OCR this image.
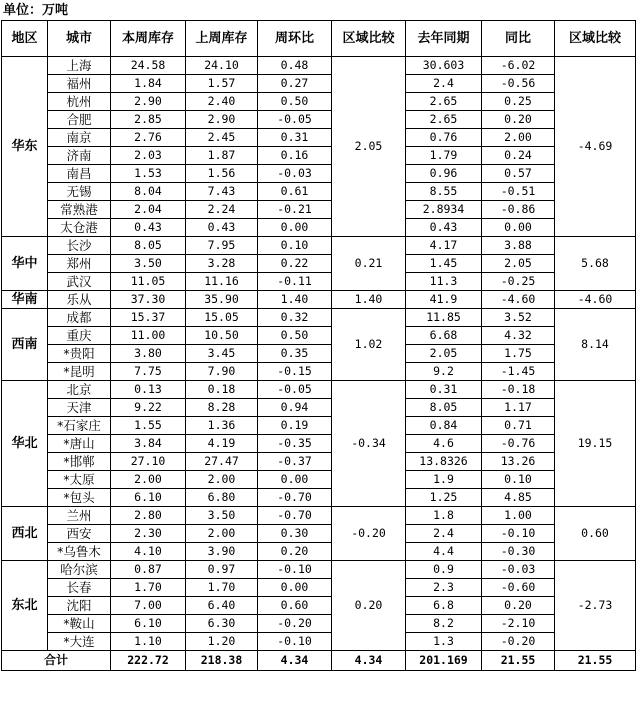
单位：万吨
地区	城市	本周库存	上周库存	周环比	区域比较	去年同期	同比	区域比较
华东	上海	24.58	24.10	0.48	2.05	30.603	-6.02	-4.69
	福州	1.84	1.57	0.27		2.4	-0.56	
	杭州	2.90	2.40	0.50		2.65	0.25	
	合肥	2.85	2.90	-0.05		2.65	0.20	
	南京	2.76	2.45	0.31		0.76	2.00	
	济南	2.03	1.87	0.16		1.79	0.24	
	南昌	1.53	1.56	-0.03		0.96	0.57	
	无锡	8.04	7.43	0.61		8.55	-0.51	
	常熟港	2.04	2.24	-0.21		2.8934	-0.86	
	太仓港	0.43	0.43	0.00		0.43	0.00	
华中	长沙	8.05	7.95	0.10	0.21	4.17	3.88	5.68
	郑州	3.50	3.28	0.22		1.45	2.05	
	武汉	11.05	11.16	-0.11		11.3	-0.25	
华南	乐从	37.30	35.90	1.40	1.40	41.9	-4.60	-4.60
西南	成都	15.37	15.05	0.32	1.02	11.85	3.52	8.14
	重庆	11.00	10.50	0.50		6.68	4.32	
	*贵阳	3.80	3.45	0.35		2.05	1.75	
	*昆明	7.75	7.90	-0.15		9.2	-1.45	
华北	北京	0.13	0.18	-0.05	-0.34	0.31	-0.18	19.15
	天津	9.22	8.28	0.94		8.05	1.17	
	*石家庄	1.55	1.36	0.19		0.84	0.71	
	*唐山	3.84	4.19	-0.35		4.6	-0.76	
	*邯郸	27.10	27.47	-0.37		13.8326	13.26	
	*太原	2.00	2.00	0.00		1.9	0.10	
	*包头	6.10	6.80	-0.70		1.25	4.85	
西北	兰州	2.80	3.50	-0.70	-0.20	1.8	1.00	0.60
	西安	2.30	2.00	0.30		2.4	-0.10	
	*乌鲁木	4.10	3.90	0.20		4.4	-0.30	
东北	哈尔滨	0.87	0.97	-0.10	0.20	0.9	-0.03	-2.73
	长春	1.70	1.70	0.00		2.3	-0.60	
	沈阳	7.00	6.40	0.60		6.8	0.20	
	*鞍山	6.10	6.30	-0.20		8.2	-2.10	
	*大连	1.10	1.20	-0.10		1.3	-0.20	
合计		222.72	218.38	4.34	4.34	201.169	21.55	21.55
